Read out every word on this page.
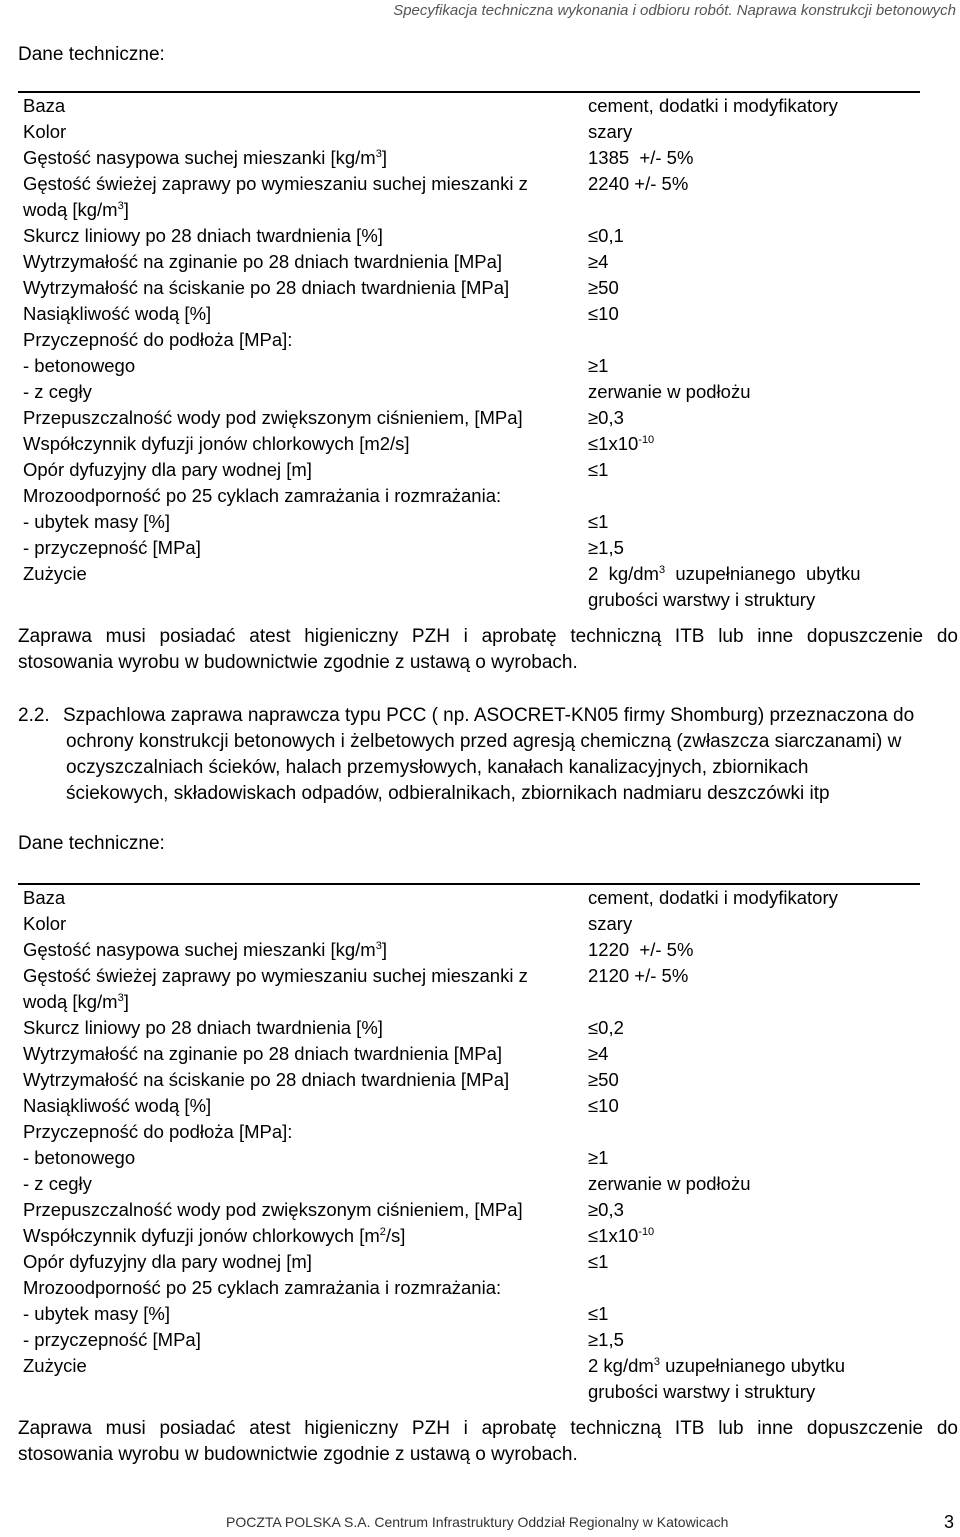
Specyfikacja techniczna wykonania i odbioru robót. Naprawa konstrukcji betonowych
Dane techniczne:
Baza	cement, dodatki i modyfikatory
Kolor	szary
Gęstość nasypowa suchej mieszanki $[kg/m^3]$	1385  +/- 5%
Gęstość świeżej zaprawy po wymieszaniu suchej mieszanki z	2240 +/- 5%
wodą $[kg/m^3]$
Skurcz liniowy po 28 dniach twardnienia [%]	≤0,1
Wytrzymałość na zginanie po 28 dniach twardnienia [MPa]	≥4
Wytrzymałość na ściskanie po 28 dniach twardnienia [MPa]	≥50
Nasiąkliwość wodą [%]	≤10
Przyczepność do podłoża [MPa]:
- betonowego	≥1
- z cegły	zerwanie w podłożu
Przepuszczalność wody pod zwiększonym ciśnieniem, [MPa]	≥0,3
Współczynnik dyfuzji jonów chlorkowych [m2/s]	$\le 1x10^{-10}$
Opór dyfuzyjny dla pary wodnej [m]	≤1
Mrozoodporność po 25 cyklach zamrażania i rozmrażania:
- ubytek masy [%]	≤1
- przyczepność [MPa]	≥1,5
Zużycie	2  $kg/dm^3$  uzupełnianego  ubytku
grubości warstwy i struktury
Zaprawa musi posiadać atest higieniczny PZH i aprobatę techniczną ITB lub inne dopuszczenie do
stosowania wyrobu w budownictwie zgodnie z ustawą o wyrobach.
2.2. Szpachlowa zaprawa naprawcza typu PCC ( np. ASOCRET-KN05 firmy Shomburg) przeznaczona do
ochrony konstrukcji betonowych i żelbetowych przed agresją chemiczną (zwłaszcza siarczanami) w
oczyszczalniach ścieków, halach przemysłowych, kanałach kanalizacyjnych, zbiornikach
ściekowych, składowiskach odpadów, odbieralnikach, zbiornikach nadmiaru deszczówki itp
Dane techniczne:
Baza	cement, dodatki i modyfikatory
Kolor	szary
Gęstość nasypowa suchej mieszanki $[kg/m^3]$	1220  +/- 5%
Gęstość świeżej zaprawy po wymieszaniu suchej mieszanki z	2120 +/- 5%
wodą $[kg/m^3]$
Skurcz liniowy po 28 dniach twardnienia [%]	≤0,2
Wytrzymałość na zginanie po 28 dniach twardnienia [MPa]	≥4
Wytrzymałość na ściskanie po 28 dniach twardnienia [MPa]	≥50
Nasiąkliwość wodą [%]	≤10
Przyczepność do podłoża [MPa]:
- betonowego	≥1
- z cegły	zerwanie w podłożu
Przepuszczalność wody pod zwiększonym ciśnieniem, [MPa]	≥0,3
Współczynnik dyfuzji jonów chlorkowych $[m^2/s]$	$\le 1x10^{-10}$
Opór dyfuzyjny dla pary wodnej [m]	≤1
Mrozoodporność po 25 cyklach zamrażania i rozmrażania:
- ubytek masy [%]	≤1
- przyczepność [MPa]	≥1,5
Zużycie	2 $kg/dm^3$ uzupełnianego ubytku
grubości warstwy i struktury
Zaprawa musi posiadać atest higieniczny PZH i aprobatę techniczną ITB lub inne dopuszczenie do
stosowania wyrobu w budownictwie zgodnie z ustawą o wyrobach.
POCZTA POLSKA S.A. Centrum Infrastruktury Oddział Regionalny w Katowicach	3
